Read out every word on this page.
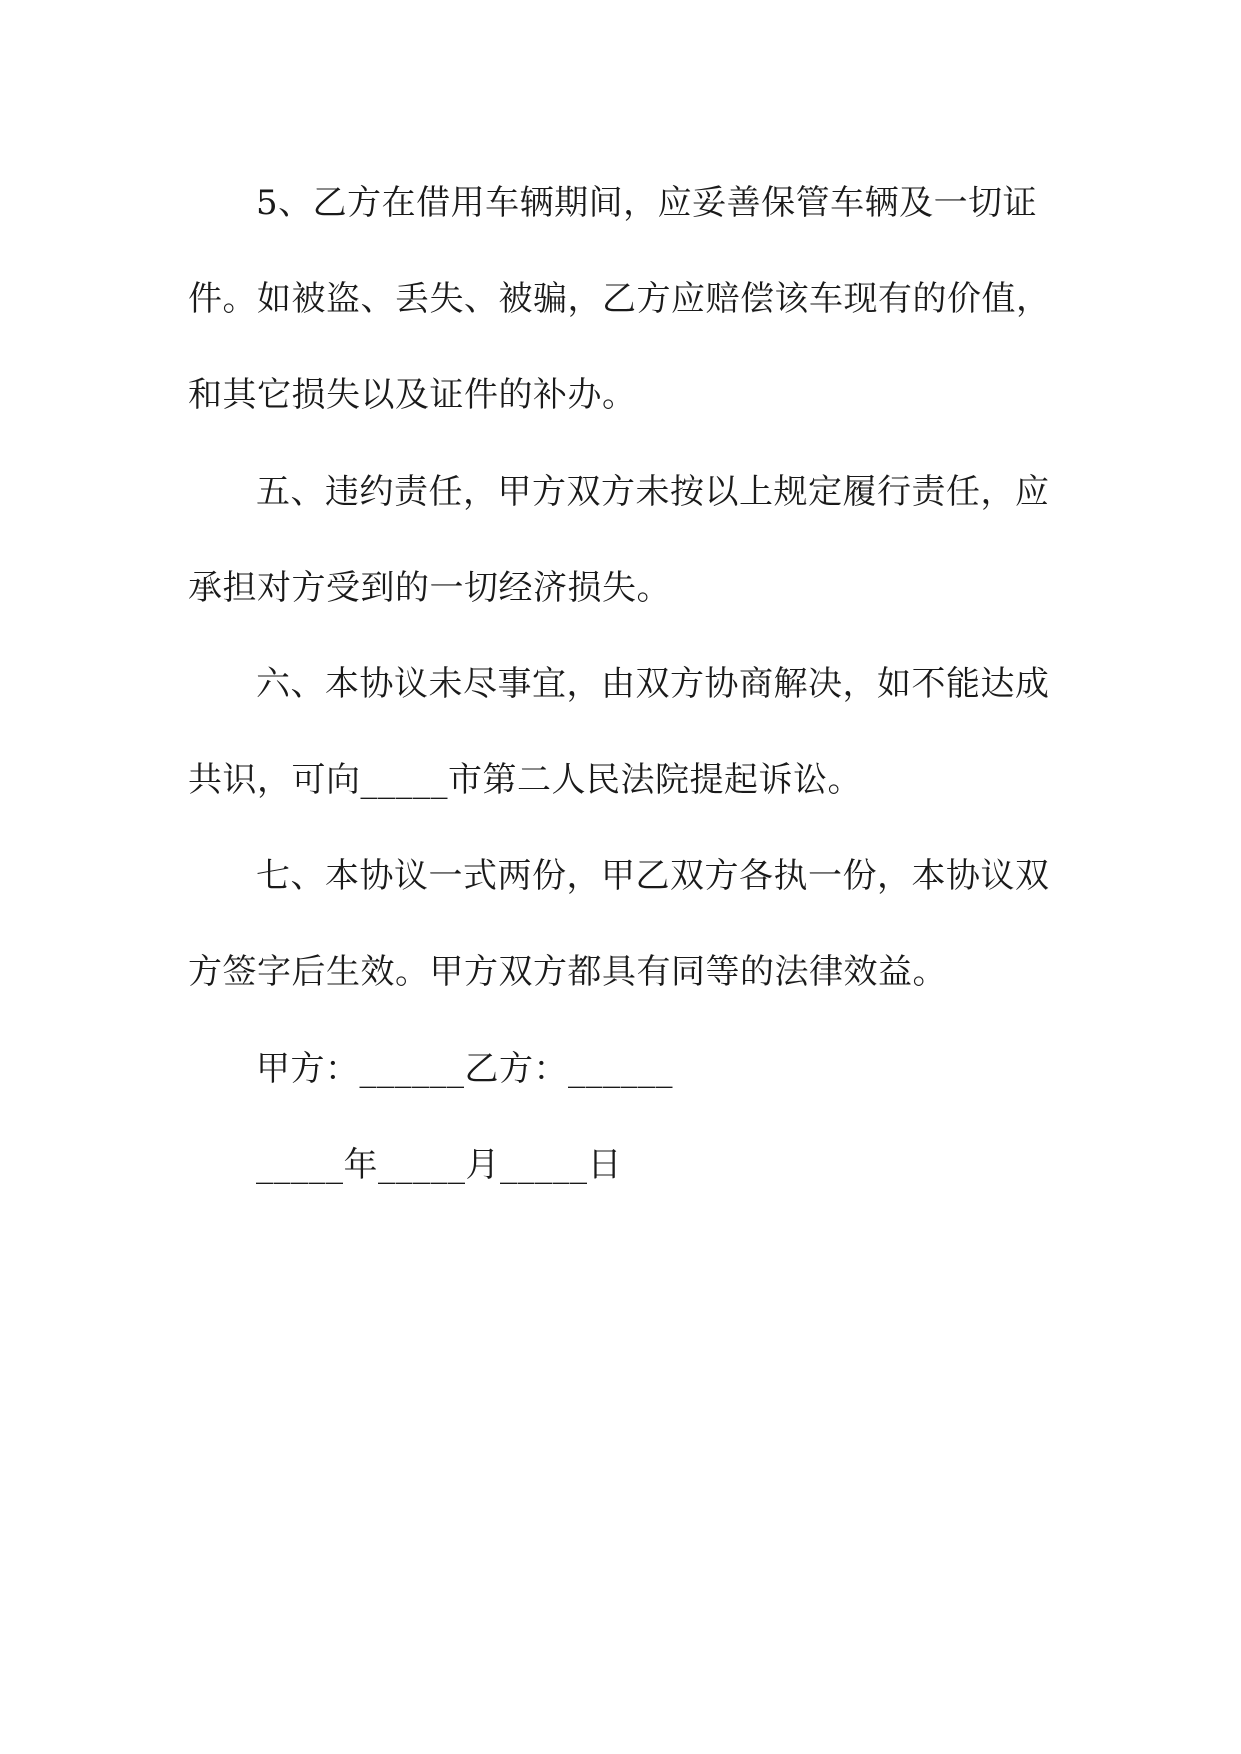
5、乙方在借用车辆期间，应妥善保管车辆及一切证
件。如被盗、丢失、被骗，乙方应赔偿该车现有的价值，
和其它损失以及证件的补办。
五、违约责任，甲方双方未按以上规定履行责任，应
承担对方受到的一切经济损失。
六、本协议未尽事宜，由双方协商解决，如不能达成
共识，可向_____市第二人民法院提起诉讼。
七、本协议一式两份，甲乙双方各执一份，本协议双
方签字后生效。甲方双方都具有同等的法律效益。
甲方：______乙方：______
_____年_____月_____日
